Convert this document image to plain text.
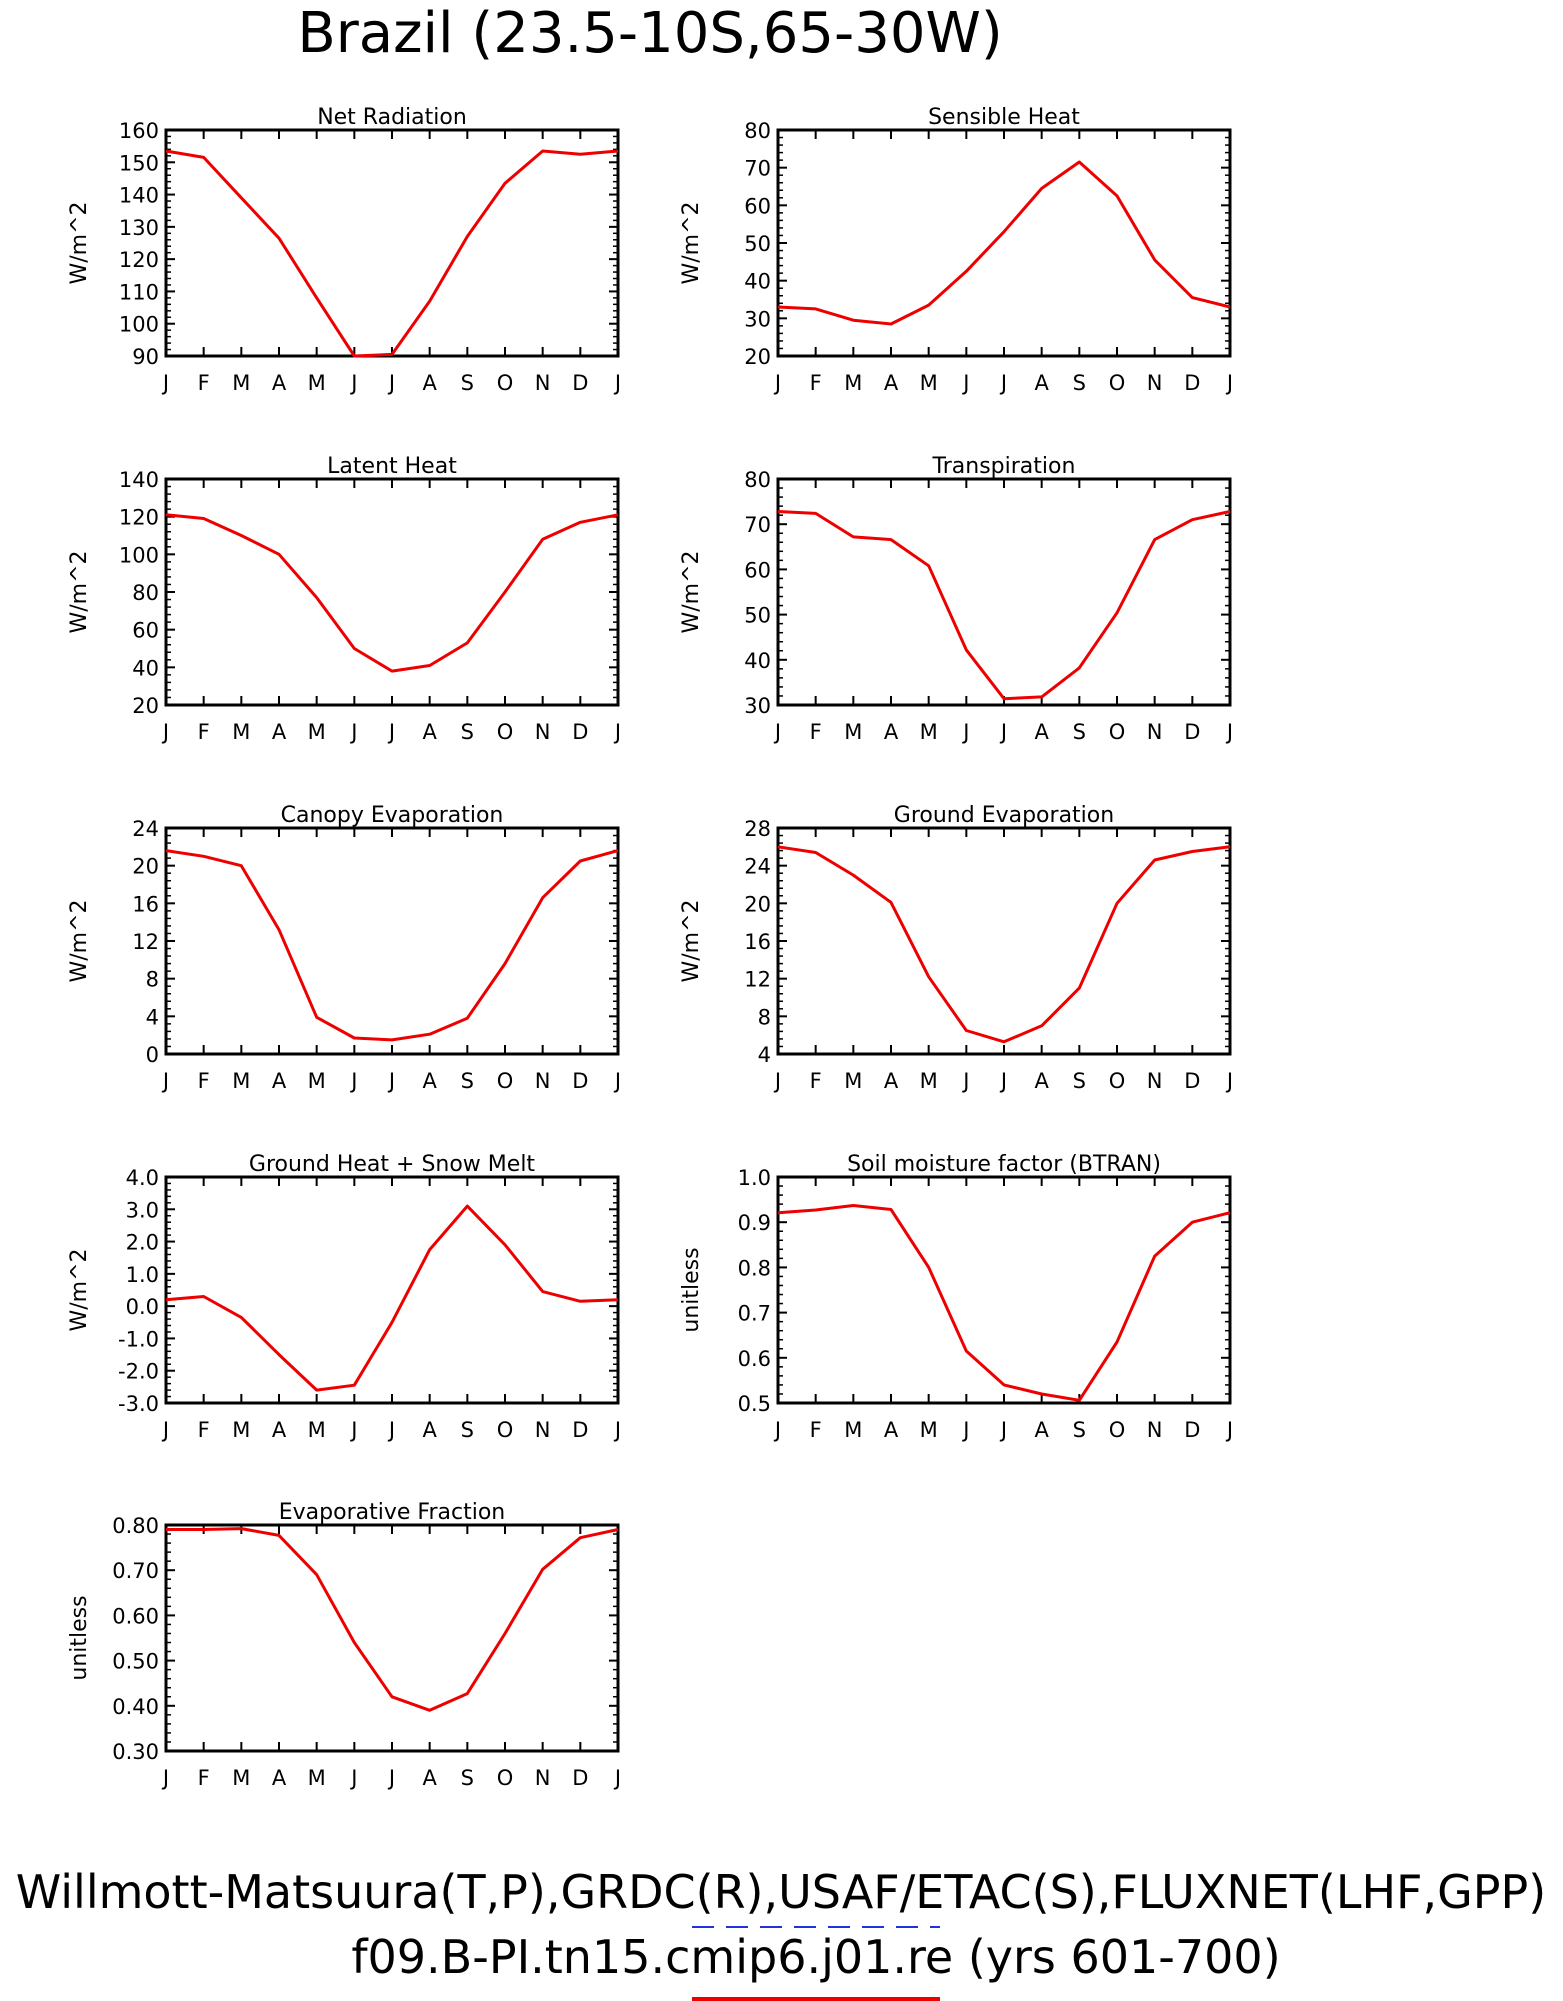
Brazil (23.5-10S,65-30W)
Net Radiation
90
100
110
120
130
140
150
160
J F M A M J J A S O N D J
W/m^2
Sensible Heat
20
30
40
50
60
70
80
J F M A M J J A S O N D J
W/m^2
Latent Heat
20
40
60
80
100
120
140
J F M A M J J A S O N D J
W/m^2
Transpiration
30
40
50
60
70
80
J F M A M J J A S O N D J
W/m^2
Canopy Evaporation
0
4
8
12
16
20
24
J F M A M J J A S O N D J
W/m^2
Ground Evaporation
4
8
12
16
20
24
28
J F M A M J J A S O N D J
W/m^2
Ground Heat + Snow Melt
-3.0
-2.0
-1.0
0.0
1.0
2.0
3.0
4.0
J F M A M J J A S O N D J
W/m^2
Soil moisture factor (BTRAN)
0.5
0.6
0.7
0.8
0.9
1.0
J F M A M J J A S O N D J
unitless
Evaporative Fraction
0.30
0.40
0.50
0.60
0.70
0.80
J F M A M J J A S O N D J
unitless
Willmott-Matsuura(T,P),GRDC(R),USAF/ETAC(S),FLUXNET(LHF,GPP)
f09.B-PI.tn15.cmip6.j01.re (yrs 601-700)
